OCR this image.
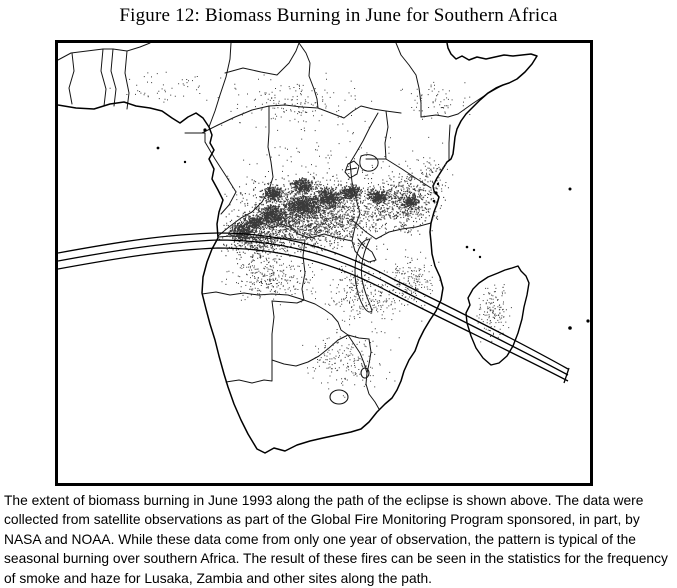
Figure 12: Biomass Burning in June for Southern Africa
The extent of biomass burning in June 1993 along the path of the eclipse is shown above. The data were collected from satellite observations as part of the Global Fire Monitoring Program sponsored, in part, by NASA and NOAA. While these data come from only one year of observation, the pattern is typical of the seasonal burning over southern Africa. The result of these fires can be seen in the statistics for the frequency of smoke and haze for Lusaka, Zambia and other sites along the path.
